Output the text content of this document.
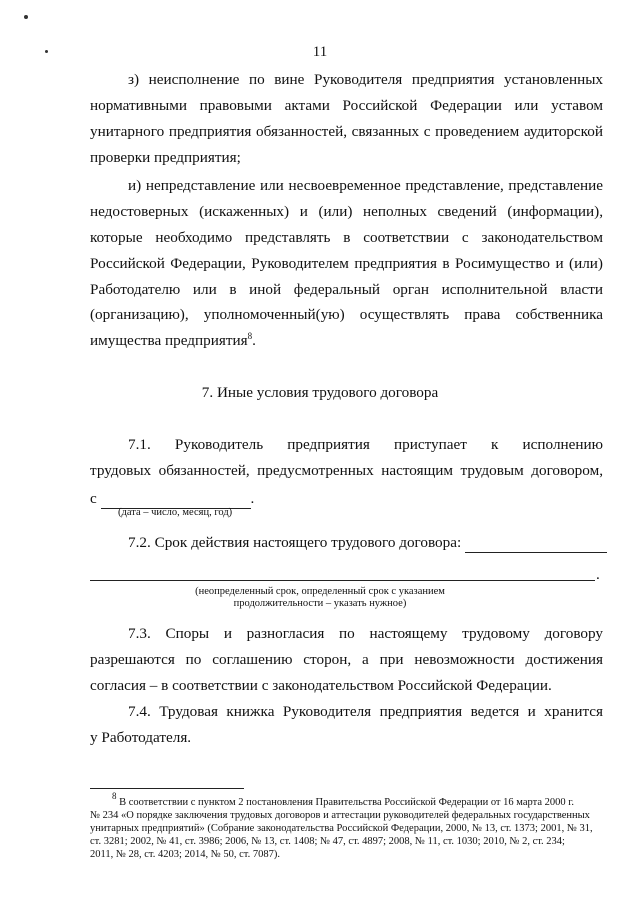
11
з) неисполнение по вине Руководителя предприятия установленных
нормативными правовыми актами Российской Федерации или уставом
унитарного предприятия обязанностей, связанных с проведением аудиторской
проверки предприятия;
и) непредставление или несвоевременное представление, представление
недостоверных (искаженных) и (или) неполных сведений (информации),
которые необходимо представлять в соответствии с законодательством
Российской Федерации, Руководителем предприятия в Росимущество и (или)
Работодателю или в иной федеральный орган исполнительной власти
(организацию), уполномоченный(ую) осуществлять права собственника
имущества предприятия$^8$.
7. Иные условия трудового договора
7.1. Руководитель предприятия приступает к исполнению
трудовых обязанностей, предусмотренных настоящим трудовым договором,
с	.
(дата – число, месяц, год)
7.2. Срок действия настоящего трудового договора:
.
(неопределенный срок, определенный срок с указанием
продолжительности – указать нужное)
7.3. Споры и разногласия по настоящему трудовому договору
разрешаются по соглашению сторон, а при невозможности достижения
согласия – в соответствии с законодательством Российской Федерации.
7.4. Трудовая книжка Руководителя предприятия ведется и хранится
у Работодателя.
$^8$ В соответствии с пунктом 2 постановления Правительства Российской Федерации от 16 марта 2000 г.
№ 234 «О порядке заключения трудовых договоров и аттестации руководителей федеральных государственных
унитарных предприятий» (Собрание законодательства Российской Федерации, 2000, № 13, ст. 1373; 2001, № 31,
ст. 3281; 2002, № 41, ст. 3986; 2006, № 13, ст. 1408; № 47, ст. 4897; 2008, № 11, ст. 1030; 2010, № 2, ст. 234;
2011, № 28, ст. 4203; 2014, № 50, ст. 7087).
